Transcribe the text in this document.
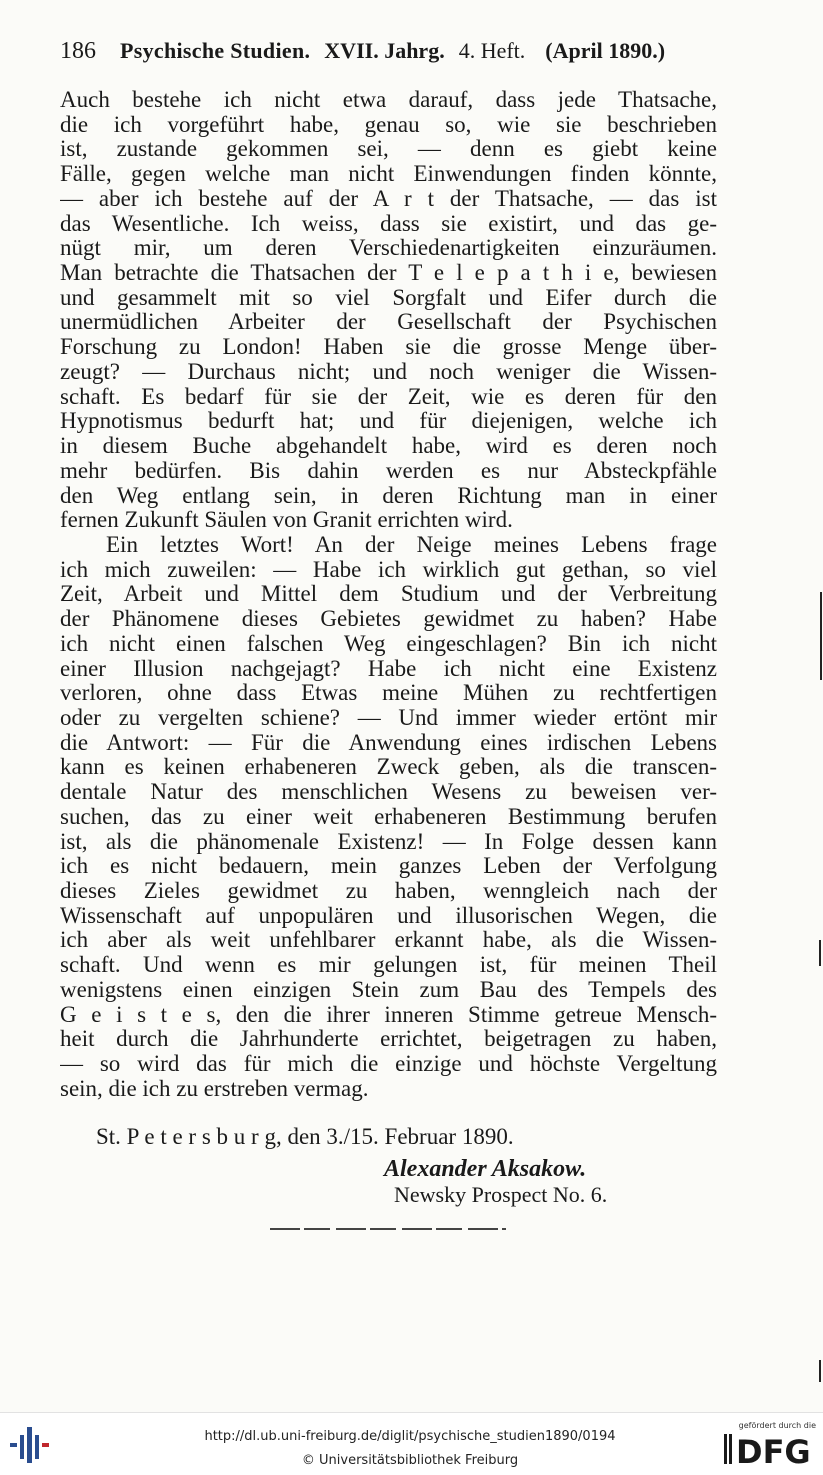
186 Psychische Studien. XVII. Jahrg. 4. Heft. (April 1890.)
Auch bestehe ich nicht etwa darauf, dass jede Thatsache,
die ich vorgeführt habe, genau so, wie sie beschrieben
ist, zustande gekommen sei, — denn es giebt keine
Fälle, gegen welche man nicht Einwendungen finden könnte,
— aber ich bestehe auf der A r t der Thatsache, — das ist
das Wesentliche. Ich weiss, dass sie existirt, und das ge-
nügt mir, um deren Verschiedenartigkeiten einzuräumen.
Man betrachte die Thatsachen der T e l e p a t h i e, bewiesen
und gesammelt mit so viel Sorgfalt und Eifer durch die
unermüdlichen Arbeiter der Gesellschaft der Psychischen
Forschung zu London! Haben sie die grosse Menge über-
zeugt? — Durchaus nicht; und noch weniger die Wissen-
schaft. Es bedarf für sie der Zeit, wie es deren für den
Hypnotismus bedurft hat; und für diejenigen, welche ich
in diesem Buche abgehandelt habe, wird es deren noch
mehr bedürfen. Bis dahin werden es nur Absteckpfähle
den Weg entlang sein, in deren Richtung man in einer
fernen Zukunft Säulen von Granit errichten wird.
Ein letztes Wort! An der Neige meines Lebens frage
ich mich zuweilen: — Habe ich wirklich gut gethan, so viel
Zeit, Arbeit und Mittel dem Studium und der Verbreitung
der Phänomene dieses Gebietes gewidmet zu haben? Habe
ich nicht einen falschen Weg eingeschlagen? Bin ich nicht
einer Illusion nachgejagt? Habe ich nicht eine Existenz
verloren, ohne dass Etwas meine Mühen zu rechtfertigen
oder zu vergelten schiene? — Und immer wieder ertönt mir
die Antwort: — Für die Anwendung eines irdischen Lebens
kann es keinen erhabeneren Zweck geben, als die transcen-
dentale Natur des menschlichen Wesens zu beweisen ver-
suchen, das zu einer weit erhabeneren Bestimmung berufen
ist, als die phänomenale Existenz! — In Folge dessen kann
ich es nicht bedauern, mein ganzes Leben der Verfolgung
dieses Zieles gewidmet zu haben, wenngleich nach der
Wissenschaft auf unpopulären und illusorischen Wegen, die
ich aber als weit unfehlbarer erkannt habe, als die Wissen-
schaft. Und wenn es mir gelungen ist, für meinen Theil
wenigstens einen einzigen Stein zum Bau des Tempels des
G e i s t e s, den die ihrer inneren Stimme getreue Mensch-
heit durch die Jahrhunderte errichtet, beigetragen zu haben,
— so wird das für mich die einzige und höchste Vergeltung
sein, die ich zu erstreben vermag.
St. P e t e r s b u r g, den 3./15. Februar 1890.
Alexander Aksakow.
Newsky Prospect No. 6.
http://dl.ub.uni-freiburg.de/diglit/psychische_studien1890/0194
© Universitätsbibliothek Freiburg
gefördert durch die
DFG
